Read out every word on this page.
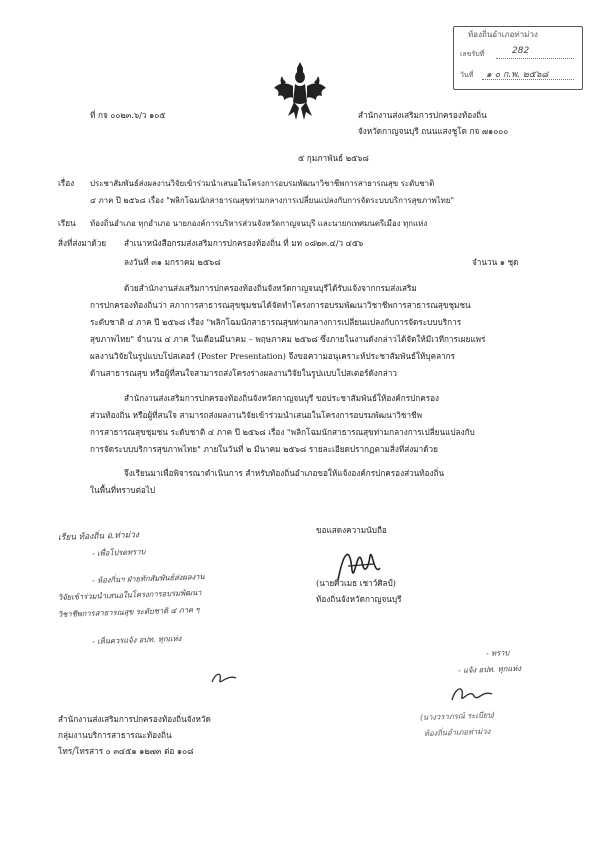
ท้องถิ่นอำเภอท่าม่วง
เลขรับที่	282
วันที่ ๑ ๐ ก.พ. ๒๕๖๘
ที่ กจ ๐๐๒๓.๖/ว ๑๐๕	สำนักงานส่งเสริมการปกครองท้องถิ่น
จังหวัดกาญจนบุรี ถนนแสงชูโต กจ ๗๑๐๐๐
๕ กุมภาพันธ์ ๒๕๖๘
เรื่อง ประชาสัมพันธ์ส่งผลงานวิจัยเข้าร่วมนำเสนอในโครงการอบรมพัฒนาวิชาชีพการสาธารณสุข ระดับชาติ
๔ ภาค ปี ๒๕๖๘ เรื่อง "พลิกโฉมนักสาธารณสุขท่ามกลางการเปลี่ยนแปลงกับการจัดระบบบริการสุขภาพไทย"
เรียน ท้องถิ่นอำเภอ ทุกอำเภอ นายกองค์การบริหารส่วนจังหวัดกาญจนบุรี และนายกเทศมนตรีเมือง ทุกแห่ง
สิ่งที่ส่งมาด้วย สำเนาหนังสือกรมส่งเสริมการปกครองท้องถิ่น ที่ มท ๐๘๒๓.๔/ว ๔๕๖
ลงวันที่ ๓๑ มกราคม ๒๕๖๘	จำนวน ๑ ชุด
ด้วยสำนักงานส่งเสริมการปกครองท้องถิ่นจังหวัดกาญจนบุรีได้รับแจ้งจากกรมส่งเสริม
การปกครองท้องถิ่นว่า สภาการสาธารณสุขชุมชนได้จัดทำโครงการอบรมพัฒนาวิชาชีพการสาธารณสุขชุมชน
ระดับชาติ ๔ ภาค ปี ๒๕๖๘ เรื่อง "พลิกโฉมนักสาธารณสุขท่ามกลางการเปลี่ยนแปลงกับการจัดระบบบริการ
สุขภาพไทย" จำนวน ๔ ภาค ในเดือนมีนาคม – พฤษภาคม ๒๕๖๘ ซึ่งภายในงานดังกล่าวได้จัดให้มีเวทีการเผยแพร่
ผลงานวิจัยในรูปแบบโปสเตอร์ (Poster Presentation) จึงขอความอนุเคราะห์ประชาสัมพันธ์ให้บุคลากร
ด้านสาธารณสุข หรือผู้ที่สนใจสามารถส่งโครงร่างผลงานวิจัยในรูปแบบโปสเตอร์ดังกล่าว
สำนักงานส่งเสริมการปกครองท้องถิ่นจังหวัดกาญจนบุรี ขอประชาสัมพันธ์ให้องค์กรปกครอง
ส่วนท้องถิ่น หรือผู้ที่สนใจ สามารถส่งผลงานวิจัยเข้าร่วมนำเสนอในโครงการอบรมพัฒนาวิชาชีพ
การสาธารณสุขชุมชน ระดับชาติ ๔ ภาค ปี ๒๕๖๘ เรื่อง "พลิกโฉมนักสาธารณสุขท่ามกลางการเปลี่ยนแปลงกับ
การจัดระบบบริการสุขภาพไทย" ภายในวันที่ ๒ มีนาคม ๒๕๖๘ รายละเอียดปรากฏตามสิ่งที่ส่งมาด้วย
จึงเรียนมาเพื่อพิจารณาดำเนินการ สำหรับท้องถิ่นอำเภอขอให้แจ้งองค์กรปกครองส่วนท้องถิ่น
ในพื้นที่ทราบต่อไป
ขอแสดงความนับถือ
(นายศิวเมธ เชาว์ศิลป์)
ท้องถิ่นจังหวัดกาญจนบุรี
เรียน ท้องถิ่น อ.ท่าม่วง
- เพื่อโปรดทราบ
- ห้องกิ่นฯ ฝ่ายทักสัมพันธ์ส่งผลงาน
วิจัยเข้าร่วมนำเสนอในโครงการอบรมพัฒนา
วิชาชีพการสาธารณสุข ระดับชาติ ๔ ภาค ๆ
- เห็นควรแจ้ง อปท. ทุกแห่ง
- ทราบ
- แจ้ง อปท. ทุกแห่ง
(นางวราภรณ์ ระเบียบ)
ท้องถิ่นอำเภอท่าม่วง
สำนักงานส่งเสริมการปกครองท้องถิ่นจังหวัด
กลุ่มงานบริการสาธารณะท้องถิ่น
โทร/โทรสาร ๐ ๓๔๕๑ ๑๒๗๓ ต่อ ๑๐๘
